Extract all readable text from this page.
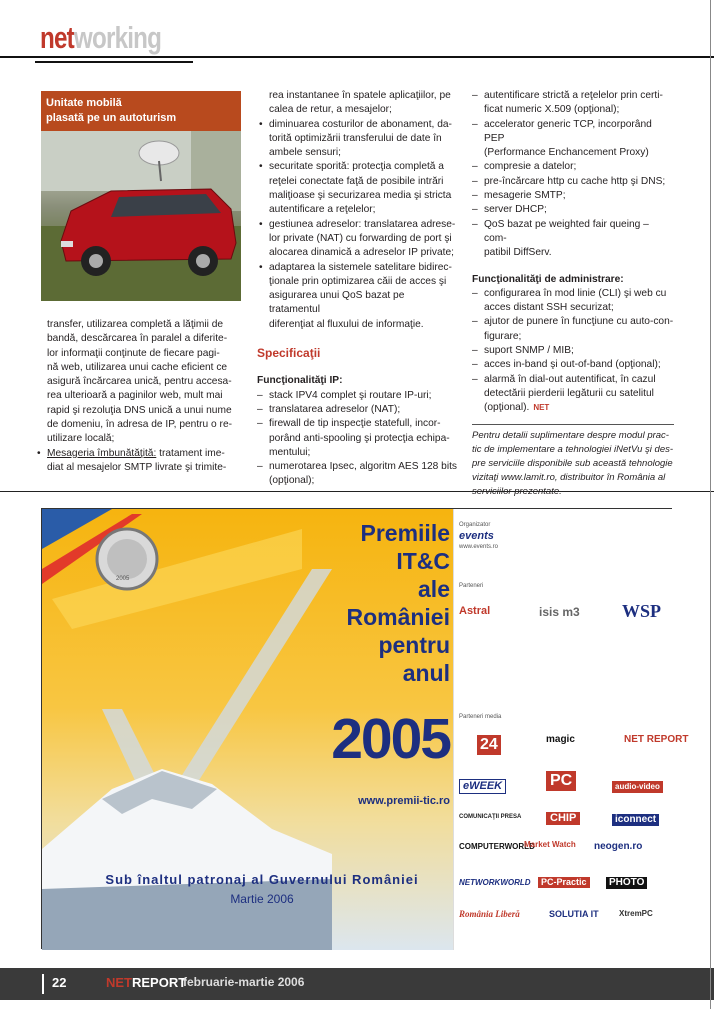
networking
Unitate mobilă
plasată pe un autoturism

transfer, utilizarea completă a lăţimii de

bandă, descărcarea în paralel a diferite-

lor informaţii conţinute de fiecare pagi-

nă web, utilizarea unui cache eficient ce

asigură încărcarea unică, pentru accesa-

rea ulterioară a paginilor web, mult mai

rapid şi rezoluţia DNS unică a unui nume

de domeniu, în adresa de IP, pentru o re-

utilizare locală;

• Mesageria îmbunătăţită: tratament ime-
diat al mesajelor SMTP livrate şi trimite-

rea instantanee în spatele aplicaţiilor, pe

calea de retur, a mesajelor;

• diminuarea costurilor de abonament, da-
torită optimizării transferului de date în
ambele sensuri;
• securitate sporită: protecţia completă a
reţelei conectate faţă de posibile intrări
maliţioase şi securizarea media şi stricta
autentificare a reţelelor;
• gestiunea adreselor: translatarea adrese-
lor private (NAT) cu forwarding de port şi
alocarea dinamică a adreselor IP private;
• adaptarea la sistemele satelitare bidirec-
ţionale prin optimizarea căii de acces şi
asigurarea unui QoS bazat pe tratamentul
diferenţiat al fluxului de informaţie.

Specificaţii

Funcţionalităţi IP:

– stack IPV4 complet şi routare IP-uri;
– translatarea adreselor (NAT);
– firewall de tip inspecţie statefull, incor-
porând anti-spooling şi protecţia echipa-
mentului;
– numerotarea Ipsec, algoritm AES 128 bits
(opţional);
– autentificare strictă a reţelelor prin certi-
ficat numeric X.509 (opţional);
– accelerator generic TCP, incorporând PEP
(Performance Enchancement Proxy)
– compresie a datelor;
– pre-încărcare http cu cache http şi DNS;
– mesagerie SMTP;
– server DHCP;
– QoS bazat pe weighted fair queing – com-
patibil DiffServ.

Funcţionalităţi de administrare:

– configurarea în mod linie (CLI) şi web cu
acces distant SSH securizat;
– ajutor de punere în funcţiune cu auto-con-
figurare;
– suport SNMP / MIB;
– acces in-band şi out-of-band (opţional);
– alarmă în dial-out autentificat, în cazul
detectării pierderii legăturii cu satelitul
(opţional). NET
Pentru detalii suplimentare despre modul prac-
tic de implementare a tehnologiei iNetVu şi des-
pre serviciile disponibile sub această tehnologie
vizitaţi www.lamit.ro, distribuitor în România al
2005
Premiile
IT&C
ale
României
pentru
anul
2005
www.premii-tic.ro
Sub înaltul patronaj al Guvernului României
Martie 2006
Organizator
events
www.events.ro
Parteneri
Astral	isis m3 WSP
Parteneri media
24	magic	NET REPORT
eWEEK	PC	audio-video
COMUNICAŢII PRESA	CHIP	iconnect
COMPUTERWORLD
Market Watch neogen.ro
NETWORKWORLD	PC-Practic	PHOTO
România Liberă	SOLUTIA IT	XtremPC
22	NETREPORT
februarie-martie 2006
